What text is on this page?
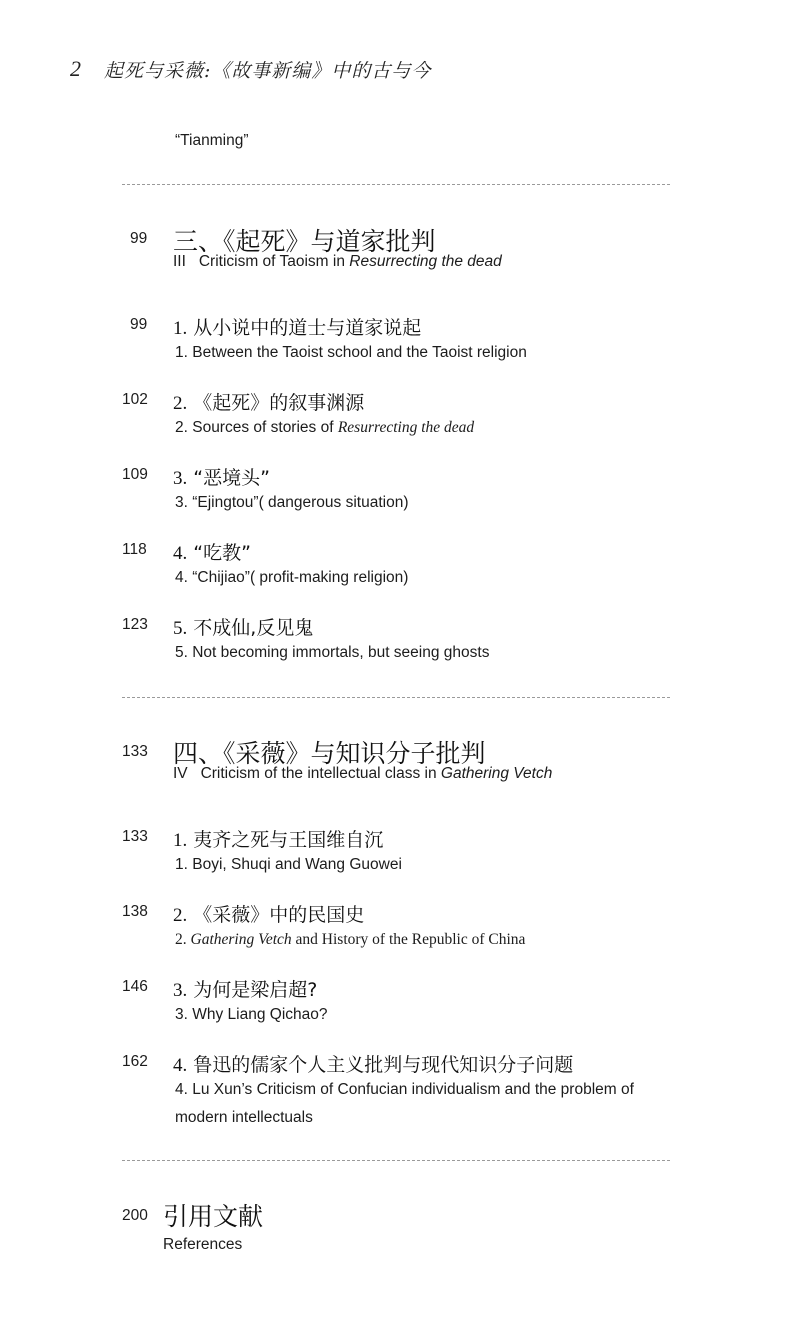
2 起死与采薇:《故事新编》中的古与今
“Tianming”
99 三、《起死》与道家批判
III   Criticism of Taoism in Resurrecting the dead
99 1. 从小说中的道士与道家说起
1. Between the Taoist school and the Taoist religion
102 2. 《起死》的叙事渊源
2. Sources of stories of Resurrecting the dead
109 3. “恶境头”
3. “Ejingtou”( dangerous situation)
118 4. “吃教”
4. “Chijiao”( profit-making religion)
123 5. 不成仙,反见鬼
5. Not becoming immortals, but seeing ghosts
133 四、《采薇》与知识分子批判
IV   Criticism of the intellectual class in Gathering Vetch
133 1. 夷齐之死与王国维自沉
1. Boyi, Shuqi and Wang Guowei
138 2. 《采薇》中的民国史
2. Gathering Vetch and History of the Republic of China
146 3. 为何是梁启超?
3. Why Liang Qichao?
162 4. 鲁迅的儒家个人主义批判与现代知识分子问题
4. Lu Xun’s Criticism of Confucian individualism and the problem of
modern intellectuals
200 引用文献
References
